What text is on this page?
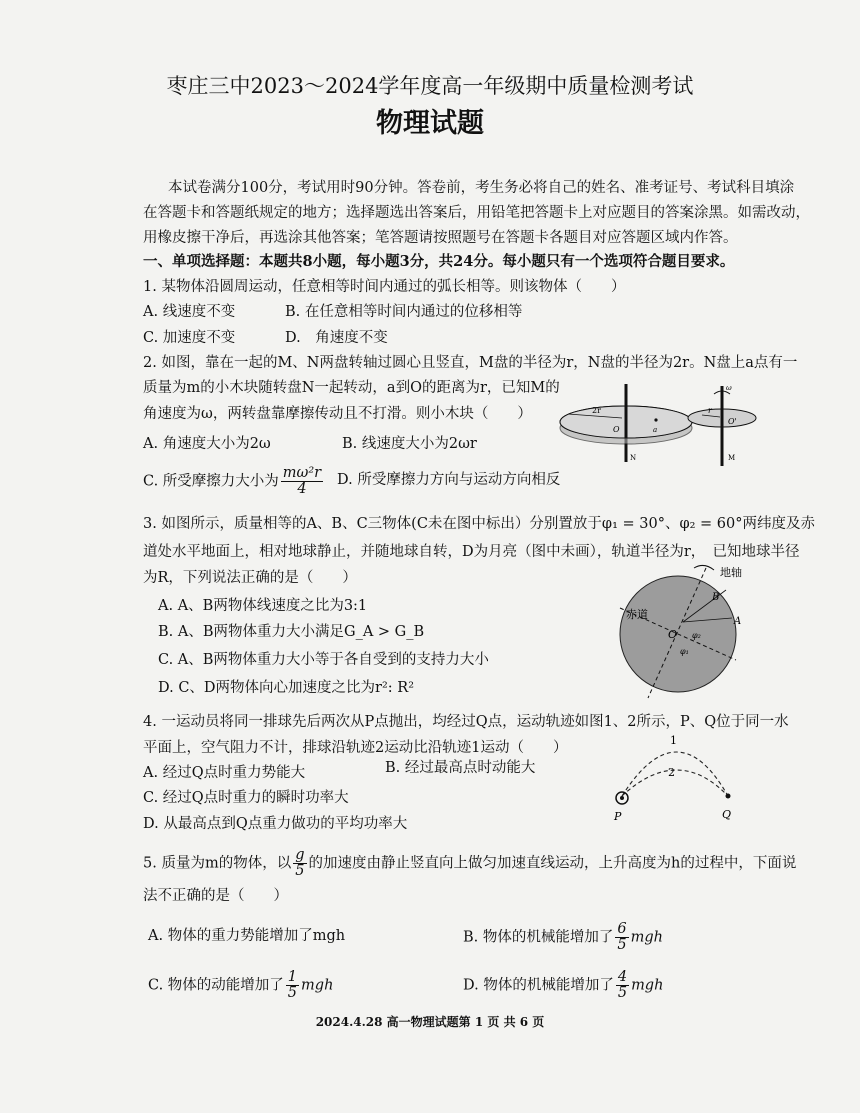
枣庄三中2023～2024学年度高一年级期中质量检测考试
物理试题
本试卷满分100分，考试用时90分钟。答卷前，考生务必将自己的姓名、准考证号、考试科目填涂
在答题卡和答题纸规定的地方；选择题选出答案后，用铅笔把答题卡上对应题目的答案涂黑。如需改动，
用橡皮擦干净后，再选涂其他答案；笔答题请按照题号在答题卡各题目对应答题区域内作答。
一、单项选择题：本题共8小题，每小题3分，共24分。每小题只有一个选项符合题目要求。
1. 某物体沿圆周运动，任意相等时间内通过的弧长相等。则该物体（　　）
A. 线速度不变	B. 在任意相等时间内通过的位移相等
C. 加速度不变	D.　角速度不变
2. 如图，靠在一起的M、N两盘转轴过圆心且竖直，M盘的半径为r，N盘的半径为2r。N盘上a点有一
质量为m的小木块随转盘N一起转动，a到O的距离为r，已知M的
角速度为ω，两转盘靠摩擦传动且不打滑。则小木块（　　）
A. 角速度大小为2ω	B. 线速度大小为2ωr
C. 所受摩擦力大小为 $\frac{\text{mω²r}}{4} D$. 所受摩擦力方向与运动方向相反
2r
O	a
r
O'
ω
N	M
3. 如图所示，质量相等的A、B、C三物体(C未在图中标出）分别置放于φ₁ = 30°、φ₂ = 60°两纬度及赤
道处水平地面上，相对地球静止，并随地球自转，D为月亮（图中未画），轨道半径为r，　已知地球半径
为R，下列说法正确的是（　　）
A. A、B两物体线速度之比为3:1
B. A、B两物体重力大小满足G_A > G_B
C. A、B两物体重力大小等于各自受到的支持力大小
D. C、D两物体向心加速度之比为r²: R²
地轴
赤道
B
A
O
φ₁
φ₂
4. 一运动员将同一排球先后两次从P点抛出，均经过Q点，运动轨迹如图1、2所示，P、Q位于同一水
平面上，空气阻力不计，排球沿轨迹2运动比沿轨迹1运动（　　）
A. 经过Q点时重力势能大	B. 经过最高点时动能大
C. 经过Q点时重力的瞬时功率大
D. 从最高点到Q点重力做功的平均功率大
1
2
P	Q
5. 质量为m的物体，以 $\frac{g}{5}$ 的加速度由静止竖直向上做匀加速直线运动，上升高度为h的过程中，下面说
法不正确的是（　　）
A. 物体的重力势能增加了mgh	B. 物体的机械能增加了 $\frac{6}{5}$ mgh
C. 物体的动能增加了 $\frac{1}{5}$ mgh	D. 物体的机械能增加了 $\frac{4}{5}$ mgh
2024.4.28 高一物理试题第 1 页 共 6 页
